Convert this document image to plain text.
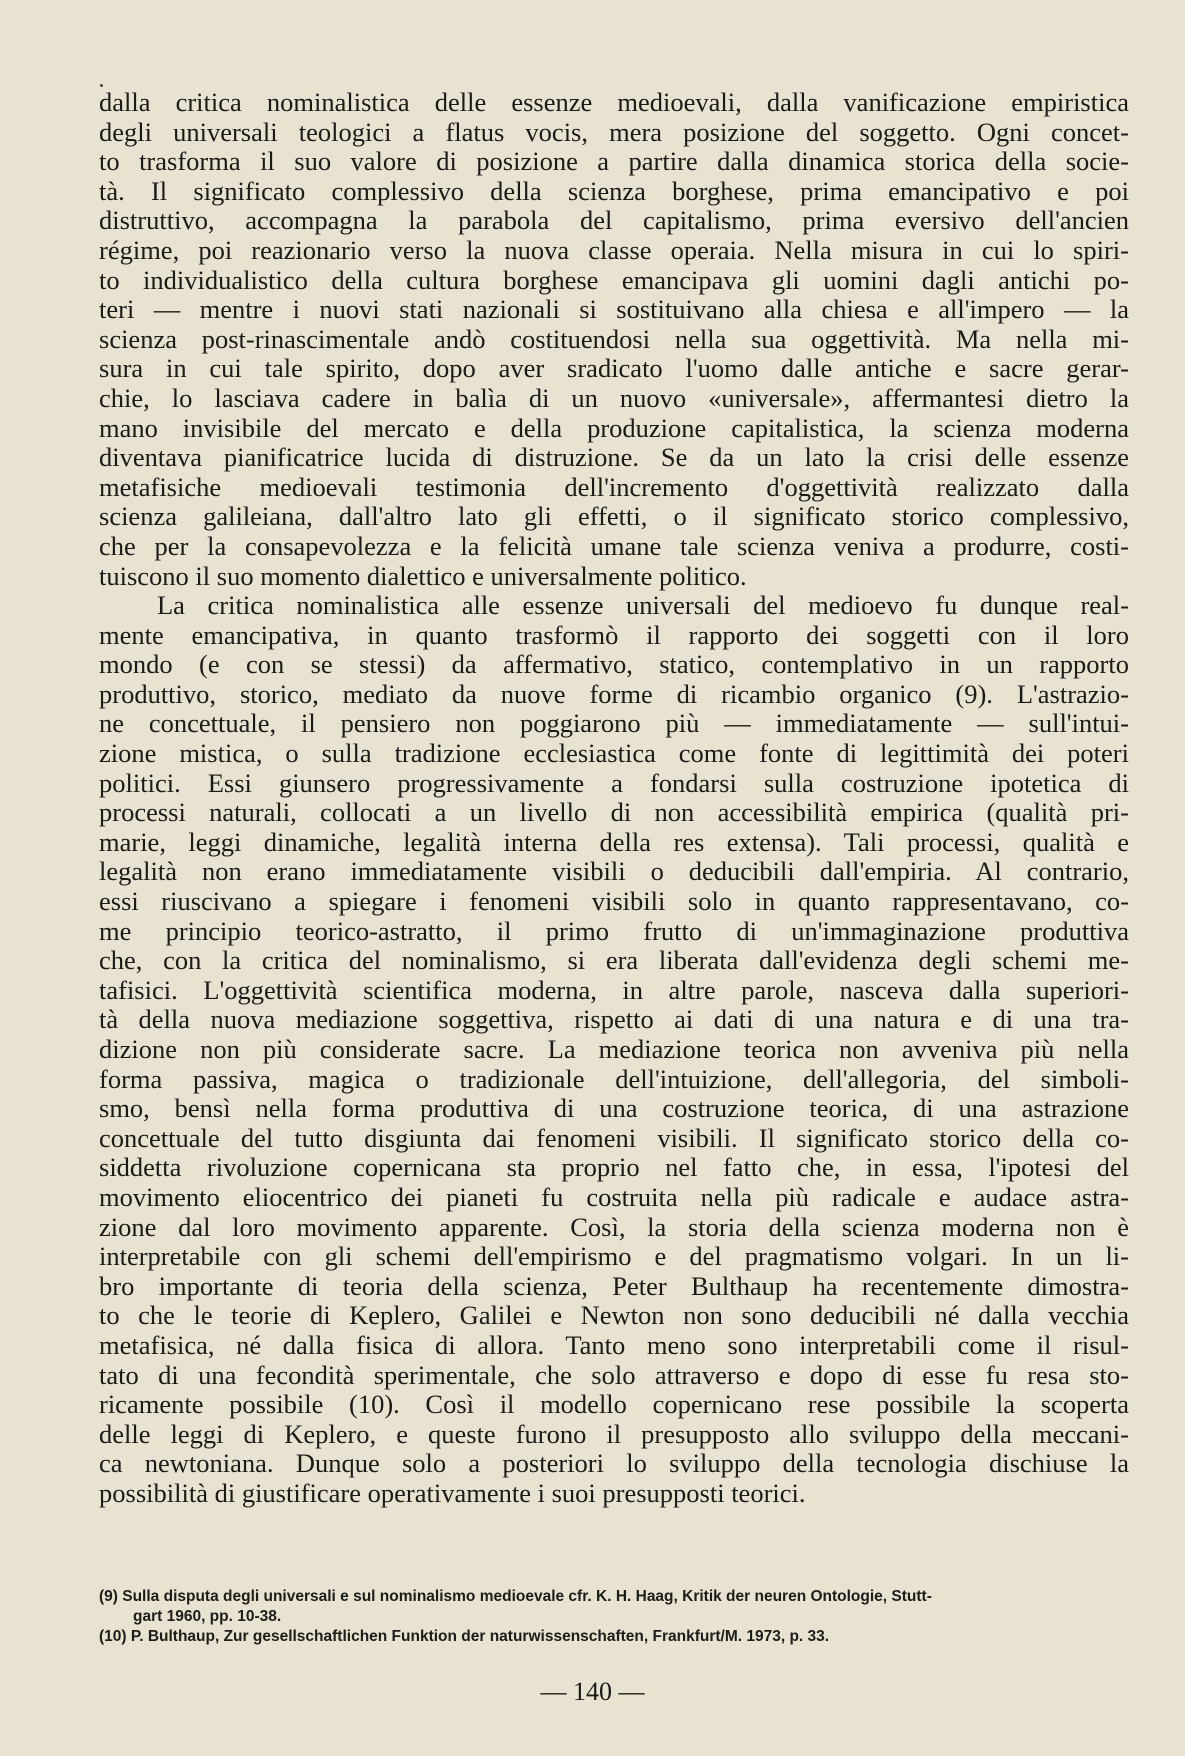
dalla critica nominalistica delle essenze medioevali, dalla vanificazione empiristica
degli universali teologici a flatus vocis, mera posizione del soggetto. Ogni concet-
to trasforma il suo valore di posizione a partire dalla dinamica storica della socie-
tà. Il significato complessivo della scienza borghese, prima emancipativo e poi
distruttivo, accompagna la parabola del capitalismo, prima eversivo dell'ancien
régime, poi reazionario verso la nuova classe operaia. Nella misura in cui lo spiri-
to individualistico della cultura borghese emancipava gli uomini dagli antichi po-
teri — mentre i nuovi stati nazionali si sostituivano alla chiesa e all'impero — la
scienza post-rinascimentale andò costituendosi nella sua oggettività. Ma nella mi-
sura in cui tale spirito, dopo aver sradicato l'uomo dalle antiche e sacre gerar-
chie, lo lasciava cadere in balìa di un nuovo «universale», affermantesi dietro la
mano invisibile del mercato e della produzione capitalistica, la scienza moderna
diventava pianificatrice lucida di distruzione. Se da un lato la crisi delle essenze
metafisiche medioevali testimonia dell'incremento d'oggettività realizzato dalla
scienza galileiana, dall'altro lato gli effetti, o il significato storico complessivo,
che per la consapevolezza e la felicità umane tale scienza veniva a produrre, costi-
tuiscono il suo momento dialettico e universalmente politico.
La critica nominalistica alle essenze universali del medioevo fu dunque real-
mente emancipativa, in quanto trasformò il rapporto dei soggetti con il loro
mondo (e con se stessi) da affermativo, statico, contemplativo in un rapporto
produttivo, storico, mediato da nuove forme di ricambio organico (9). L'astrazio-
ne concettuale, il pensiero non poggiarono più — immediatamente — sull'intui-
zione mistica, o sulla tradizione ecclesiastica come fonte di legittimità dei poteri
politici. Essi giunsero progressivamente a fondarsi sulla costruzione ipotetica di
processi naturali, collocati a un livello di non accessibilità empirica (qualità pri-
marie, leggi dinamiche, legalità interna della res extensa). Tali processi, qualità e
legalità non erano immediatamente visibili o deducibili dall'empiria. Al contrario,
essi riuscivano a spiegare i fenomeni visibili solo in quanto rappresentavano, co-
me principio teorico-astratto, il primo frutto di un'immaginazione produttiva
che, con la critica del nominalismo, si era liberata dall'evidenza degli schemi me-
tafisici. L'oggettività scientifica moderna, in altre parole, nasceva dalla superiori-
tà della nuova mediazione soggettiva, rispetto ai dati di una natura e di una tra-
dizione non più considerate sacre. La mediazione teorica non avveniva più nella
forma passiva, magica o tradizionale dell'intuizione, dell'allegoria, del simboli-
smo, bensì nella forma produttiva di una costruzione teorica, di una astrazione
concettuale del tutto disgiunta dai fenomeni visibili. Il significato storico della co-
siddetta rivoluzione copernicana sta proprio nel fatto che, in essa, l'ipotesi del
movimento eliocentrico dei pianeti fu costruita nella più radicale e audace astra-
zione dal loro movimento apparente. Così, la storia della scienza moderna non è
interpretabile con gli schemi dell'empirismo e del pragmatismo volgari. In un li-
bro importante di teoria della scienza, Peter Bulthaup ha recentemente dimostra-
to che le teorie di Keplero, Galilei e Newton non sono deducibili né dalla vecchia
metafisica, né dalla fisica di allora. Tanto meno sono interpretabili come il risul-
tato di una fecondità sperimentale, che solo attraverso e dopo di esse fu resa sto-
ricamente possibile (10). Così il modello copernicano rese possibile la scoperta
delle leggi di Keplero, e queste furono il presupposto allo sviluppo della meccani-
ca newtoniana. Dunque solo a posteriori lo sviluppo della tecnologia dischiuse la
possibilità di giustificare operativamente i suoi presupposti teorici.
(9) Sulla disputa degli universali e sul nominalismo medioevale cfr. K. H. Haag, Kritik der neuren Ontologie, Stutt-
gart 1960, pp. 10-38.
(10) P. Bulthaup, Zur gesellschaftlichen Funktion der naturwissenschaften, Frankfurt/M. 1973, p. 33.
— 140 —
